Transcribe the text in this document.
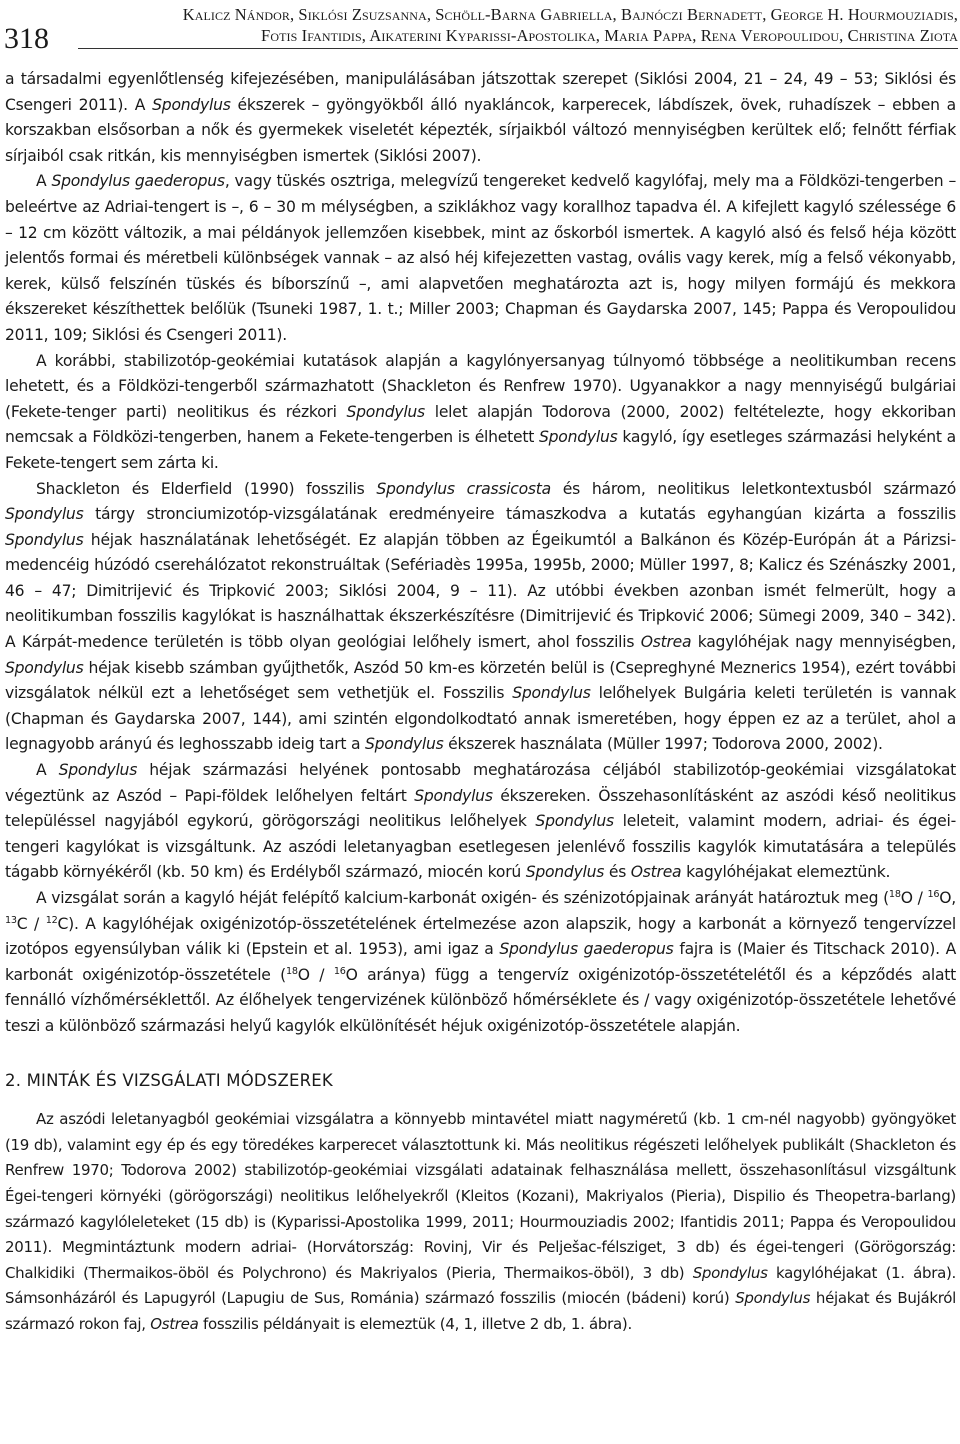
318
Kalicz Nándor, Siklósi Zsuzsanna, Schöll-Barna Gabriella, Bajnóczi Bernadett, George H. Hourmouziadis,
Fotis Ifantidis, Aikaterini Kyparissi-Apostolika, Maria Pappa, Rena Veropoulidou, Christina Ziota

a társadalmi egyenlőtlenség kifejezésében, manipulálásában játszottak szerepet (Siklósi 2004, 21 – 24, 49 – 53; Siklósi és Csengeri 2011). A Spondylus ékszerek – gyöngyökből álló nyakláncok, karperecek, lábdíszek, övek, ruhadíszek – ebben a korszakban elsősorban a nők és gyermekek viseletét képezték, sírjaikból változó mennyiségben kerültek elő; felnőtt férfiak sírjaiból csak ritkán, kis mennyiségben ismertek (Siklósi 2007).

A Spondylus gaederopus, vagy tüskés osztriga, melegvízű tengereket kedvelő kagylófaj, mely ma a Földközi-tengerben – beleértve az Adriai-tengert is –, 6 – 30 m mélységben, a sziklákhoz vagy korallhoz tapadva él. A kifejlett kagyló szélessége 6 – 12 cm között változik, a mai példányok jellemzően kisebbek, mint az őskorból ismertek. A kagyló alsó és felső héja között jelentős formai és méretbeli különbségek vannak – az alsó héj kifejezetten vastag, ovális vagy kerek, míg a felső vékonyabb, kerek, külső felszínén tüskés és bíborszínű –, ami alapvetően meghatározta azt is, hogy milyen formájú és mekkora ékszereket készíthettek belőlük (Tsuneki 1987, 1. t.; Miller 2003; Chapman és Gaydarska 2007, 145; Pappa és Veropoulidou 2011, 109; Siklósi és Csengeri 2011).

A korábbi, stabilizotóp-geokémiai kutatások alapján a kagylónyersanyag túlnyomó többsége a neolitikumban recens lehetett, és a Földközi-tengerből származhatott (Shackleton és Renfrew 1970). Ugyanakkor a nagy mennyiségű bulgáriai (Fekete-tenger parti) neolitikus és rézkori Spondylus lelet alapján Todorova (2000, 2002) feltételezte, hogy ekkoriban nemcsak a Földközi-tengerben, hanem a Fekete-tengerben is élhetett Spondylus kagyló, így esetleges származási helyként a Fekete-tengert sem zárta ki.

Shackleton és Elderfield (1990) fosszilis Spondylus crassicosta és három, neolitikus leletkontextusból származó Spondylus tárgy stronciumizotóp-vizsgálatának eredményeire támaszkodva a kutatás egyhangúan kizárta a fosszilis Spondylus héjak használatának lehetőségét. Ez alapján többen az Égeikumtól a Balkánon és Közép-Európán át a Párizsi-medencéig húzódó cserehálózatot rekonstruáltak (Sefériadès 1995a, 1995b, 2000; Müller 1997, 8; Kalicz és Szénászky 2001, 46 – 47; Dimitrijević és Tripković 2003; Siklósi 2004, 9 – 11). Az utóbbi években azonban ismét felmerült, hogy a neolitikumban fosszilis kagylókat is használhattak ékszerkészítésre (Dimitrijević és Tripković 2006; Sümegi 2009, 340 – 342). A Kárpát-medence területén is több olyan geológiai lelőhely ismert, ahol fosszilis Ostrea kagylóhéjak nagy mennyiségben, Spondylus héjak kisebb számban gyűjthetők, Aszód 50 km-es körzetén belül is (Csepreghyné Meznerics 1954), ezért további vizsgálatok nélkül ezt a lehetőséget sem vethetjük el. Fosszilis Spondylus lelőhelyek Bulgária keleti területén is vannak (Chapman és Gaydarska 2007, 144), ami szintén elgondolkodtató annak ismeretében, hogy éppen ez az a terület, ahol a legnagyobb arányú és leghosszabb ideig tart a Spondylus ékszerek használata (Müller 1997; Todorova 2000, 2002).

A Spondylus héjak származási helyének pontosabb meghatározása céljából stabilizotóp-geokémiai vizsgálatokat végeztünk az Aszód – Papi-földek lelőhelyen feltárt Spondylus ékszereken. Összehasonlításként az aszódi késő neolitikus településsel nagyjából egykorú, görögországi neolitikus lelőhelyek Spondylus leleteit, valamint modern, adriai- és égei-tengeri kagylókat is vizsgáltunk. Az aszódi leletanyagban esetlegesen jelenlévő fosszilis kagylók kimutatására a település tágabb környékéről (kb. 50 km) és Erdélyből származó, miocén korú Spondylus és Ostrea kagylóhéjakat elemeztünk.

A vizsgálat során a kagyló héját felépítő kalcium-karbonát oxigén- és szénizotópjainak arányát határoztuk meg ($^{18}$O / $^{16}$O, $^{13}$C / $^{12}$C). A kagylóhéjak oxigénizotóp-összetételének értelmezése azon alapszik, hogy a karbonát a környező tengervízzel izotópos egyensúlyban válik ki (Epstein et al. 1953), ami igaz a Spondylus gaederopus fajra is (Maier és Titschack 2010). A karbonát oxigénizotóp-összetétele ($^{18}$O / $^{16}$O aránya) függ a tengervíz oxigénizotóp-összetételétől és a képződés alatt fennálló vízhőmérséklettől. Az élőhelyek tengervizének különböző hőmérséklete és / vagy oxigénizotóp-összetétele lehetővé teszi a különböző származási helyű kagylók elkülönítését héjuk oxigénizotóp-összetétele alapján.

2. MINTÁK ÉS VIZSGÁLATI MÓDSZEREK

Az aszódi leletanyagból geokémiai vizsgálatra a könnyebb mintavétel miatt nagyméretű (kb. 1 cm-nél nagyobb) gyöngyöket (19 db), valamint egy ép és egy töredékes karperecet választottunk ki. Más neolitikus régészeti lelőhelyek publikált (Shackleton és Renfrew 1970; Todorova 2002) stabilizotóp-geokémiai vizsgálati adatainak felhasználása mellett, összehasonlításul vizsgáltunk Égei-tengeri környéki (görögországi) neolitikus lelőhelyekről (Kleitos (Kozani), Makriyalos (Pieria), Dispilio és Theopetra-barlang) származó kagylóleleteket (15 db) is (Kyparissi-Apostolika 1999, 2011; Hourmouziadis 2002; Ifantidis 2011; Pappa és Veropoulidou 2011). Megmintáztunk modern adriai- (Horvátország: Rovinj, Vir és Pelješac-félsziget, 3 db) és égei-tengeri (Görögország: Chalkidiki (Thermaikos-öböl és Polychrono) és Makriyalos (Pieria, Thermaikos-öböl), 3 db) Spondylus kagylóhéjakat (1. ábra). Sámsonházáról és Lapugyról (Lapugiu de Sus, Románia) származó fosszilis (miocén (bádeni) korú) Spondylus héjakat és Bujákról származó rokon faj, Ostrea fosszilis példányait is elemeztük (4, 1, illetve 2 db, 1. ábra).
